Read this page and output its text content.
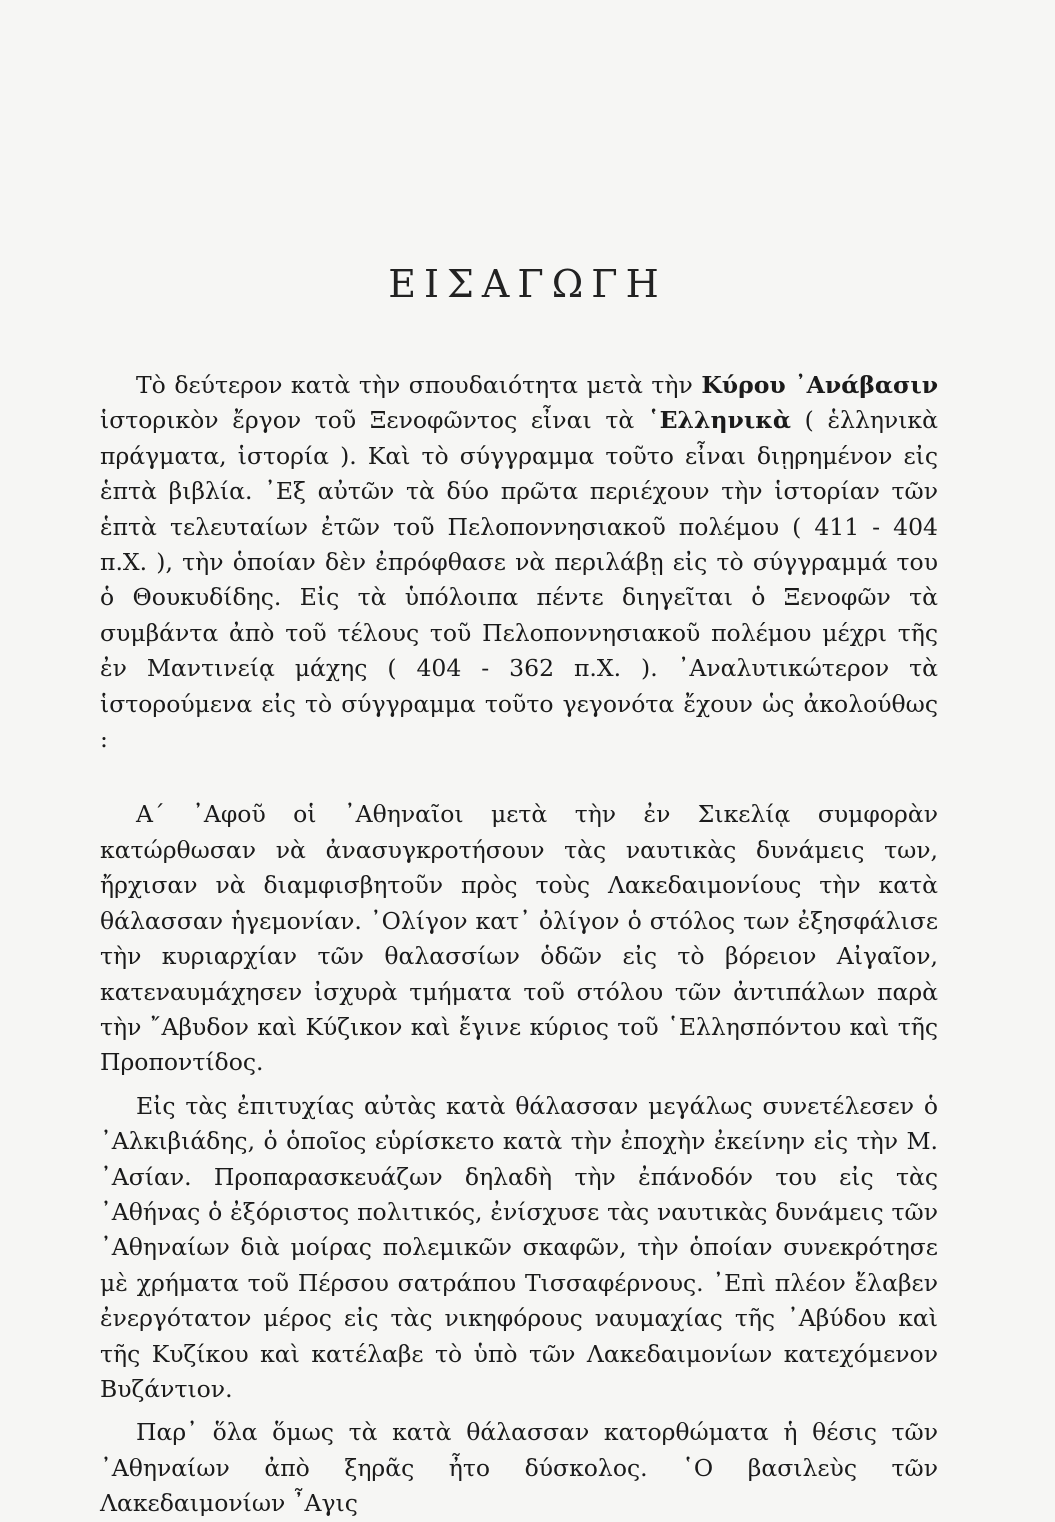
ΕΙΣΑΓΩΓΗ

Τὸ δεύτερον κατὰ τὴν σπουδαιότητα μετὰ τὴν Κύρου ᾿Ανάβασιν ἱστορικὸν ἔργον τοῦ Ξενοφῶντος εἶναι τὰ ῾Ελληνικὰ ( ἑλληνικὰ πράγματα, ἱστορία ). Καὶ τὸ σύγγραμμα τοῦτο εἶναι διῃρημένον εἰς ἑπτὰ βιβλία. ᾿Εξ αὐτῶν τὰ δύο πρῶτα περιέχουν τὴν ἱστορίαν τῶν ἑπτὰ τελευταίων ἐτῶν τοῦ Πελοποννησιακοῦ πολέμου ( 411 - 404 π.Χ. ), τὴν ὁποίαν δὲν ἐπρόφθασε νὰ περιλάβῃ εἰς τὸ σύγγραμμά του ὁ Θουκυδίδης. Εἰς τὰ ὑπόλοιπα πέντε διηγεῖται ὁ Ξενοφῶν τὰ συμβάντα ἀπὸ τοῦ τέλους τοῦ Πελοποννησιακοῦ πολέμου μέχρι τῆς ἐν Μαντινείᾳ μάχης ( 404 - 362 π.Χ. ). ᾿Αναλυτικώτερον τὰ ἱστορούμενα εἰς τὸ σύγγραμμα τοῦτο γεγονότα ἔχουν ὡς ἀκολούθως :

Α΄ ᾿Αφοῦ οἱ ᾿Αθηναῖοι μετὰ τὴν ἐν Σικελίᾳ συμφορὰν κατώρθωσαν νὰ ἀνασυγκροτήσουν τὰς ναυτικὰς δυνάμεις των, ἤρχισαν νὰ διαμφισβητοῦν πρὸς τοὺς Λακεδαιμονίους τὴν κατὰ θάλασσαν ἡγεμονίαν. ᾿Ολίγον κατ᾿ ὀλίγον ὁ στόλος των ἐξησφάλισε τὴν κυριαρχίαν τῶν θαλασσίων ὁδῶν εἰς τὸ βόρειον Αἰγαῖον, κατεναυμάχησεν ἰσχυρὰ τμήματα τοῦ στόλου τῶν ἀντιπάλων παρὰ τὴν ῎Αβυδον καὶ Κύζικον καὶ ἔγινε κύριος τοῦ ῾Ελλησπόντου καὶ τῆς Προποντίδος.

Εἰς τὰς ἐπιτυχίας αὐτὰς κατὰ θάλασσαν μεγάλως συνετέλεσεν ὁ ᾿Αλκιβιάδης, ὁ ὁποῖος εὑρίσκετο κατὰ τὴν ἐποχὴν ἐκείνην εἰς τὴν Μ. ᾿Ασίαν. Προπαρασκευάζων δηλαδὴ τὴν ἐπάνοδόν του εἰς τὰς ᾿Αθήνας ὁ ἐξόριστος πολιτικός, ἐνίσχυσε τὰς ναυτικὰς δυνάμεις τῶν ᾿Αθηναίων διὰ μοίρας πολεμικῶν σκαφῶν, τὴν ὁποίαν συνεκρότησε μὲ χρήματα τοῦ Πέρσου σατράπου Τισσαφέρνους. ᾿Επὶ πλέον ἔλαβεν ἐνεργότατον μέρος εἰς τὰς νικηφόρους ναυμαχίας τῆς ᾿Αβύδου καὶ τῆς Κυζίκου καὶ κατέλαβε τὸ ὑπὸ τῶν Λακεδαιμονίων κατεχόμενον Βυζάντιον.

Παρ᾿ ὅλα ὅμως τὰ κατὰ θάλασσαν κατορθώματα ἡ θέσις τῶν ᾿Αθηναίων ἀπὸ ξηρᾶς ἦτο δύσκολος. ῾Ο βασιλεὺς τῶν Λακεδαιμονίων ῏Αγις
